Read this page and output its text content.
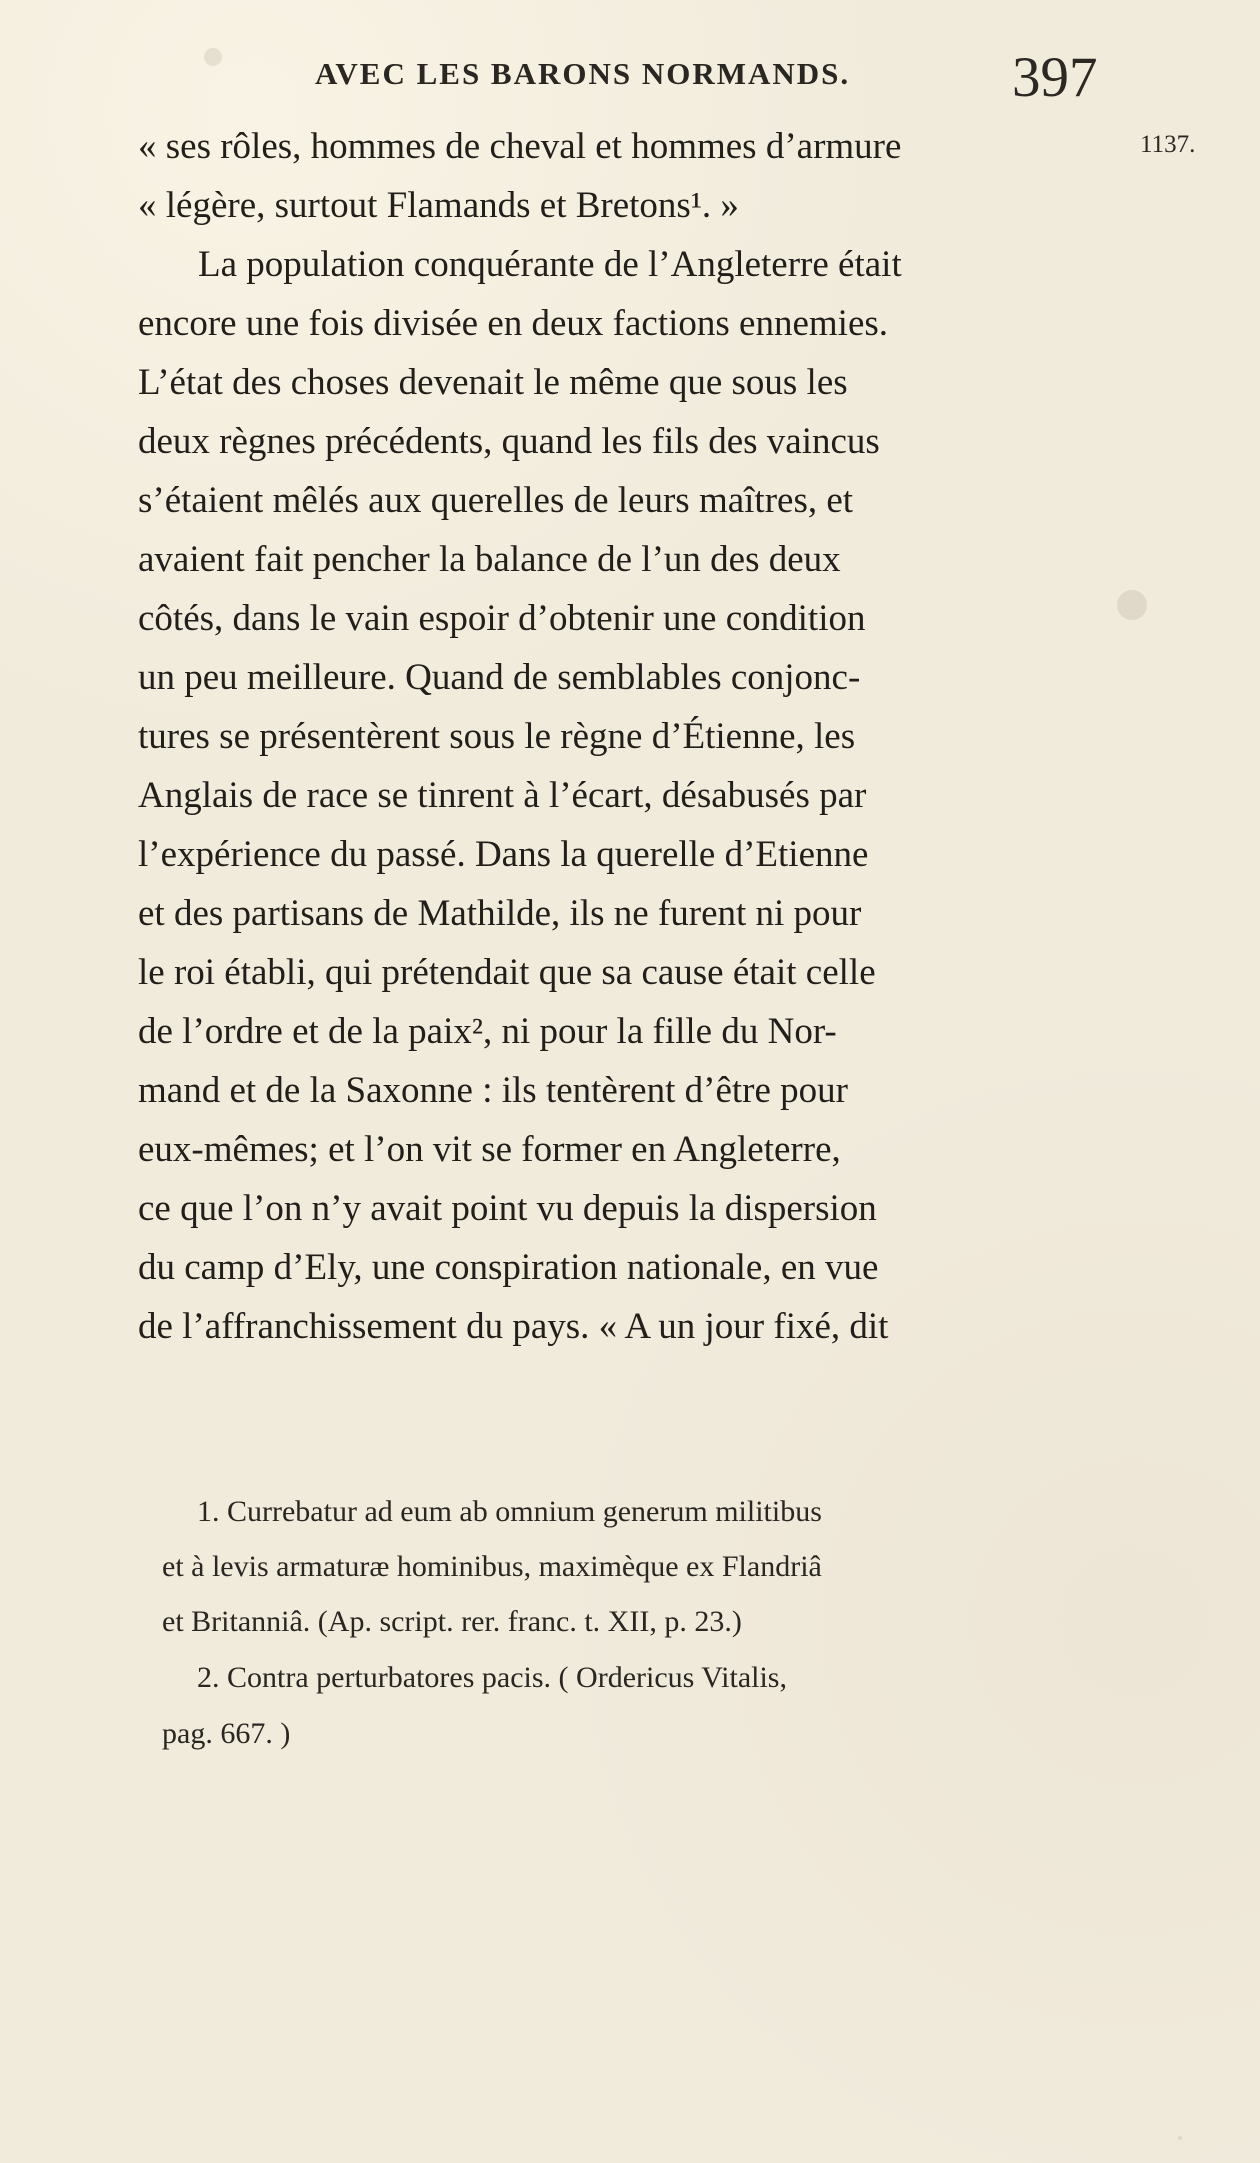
AVEC LES BARONS NORMANDS.	397
1137.
« ses rôles, hommes de cheval et hommes d’armure
« légère, surtout Flamands et Bretons¹. »
La population conquérante de l’Angleterre était
encore une fois divisée en deux factions ennemies.
L’état des choses devenait le même que sous les
deux règnes précédents, quand les fils des vaincus
s’étaient mêlés aux querelles de leurs maîtres, et
avaient fait pencher la balance de l’un des deux
côtés, dans le vain espoir d’obtenir une condition
un peu meilleure. Quand de semblables conjonc-
tures se présentèrent sous le règne d’Étienne, les
Anglais de race se tinrent à l’écart, désabusés par
l’expérience du passé. Dans la querelle d’Etienne
et des partisans de Mathilde, ils ne furent ni pour
le roi établi, qui prétendait que sa cause était celle
de l’ordre et de la paix², ni pour la fille du Nor-
mand et de la Saxonne : ils tentèrent d’être pour
eux-mêmes; et l’on vit se former en Angleterre,
ce que l’on n’y avait point vu depuis la dispersion
du camp d’Ely, une conspiration nationale, en vue
de l’affranchissement du pays. « A un jour fixé, dit
1. Currebatur ad eum ab omnium generum militibus
et à levis armaturæ hominibus, maximèque ex Flandriâ
et Britanniâ. (Ap. script. rer. franc. t. XII, p. 23.)
2. Contra perturbatores pacis. ( Ordericus Vitalis,
pag. 667. )
